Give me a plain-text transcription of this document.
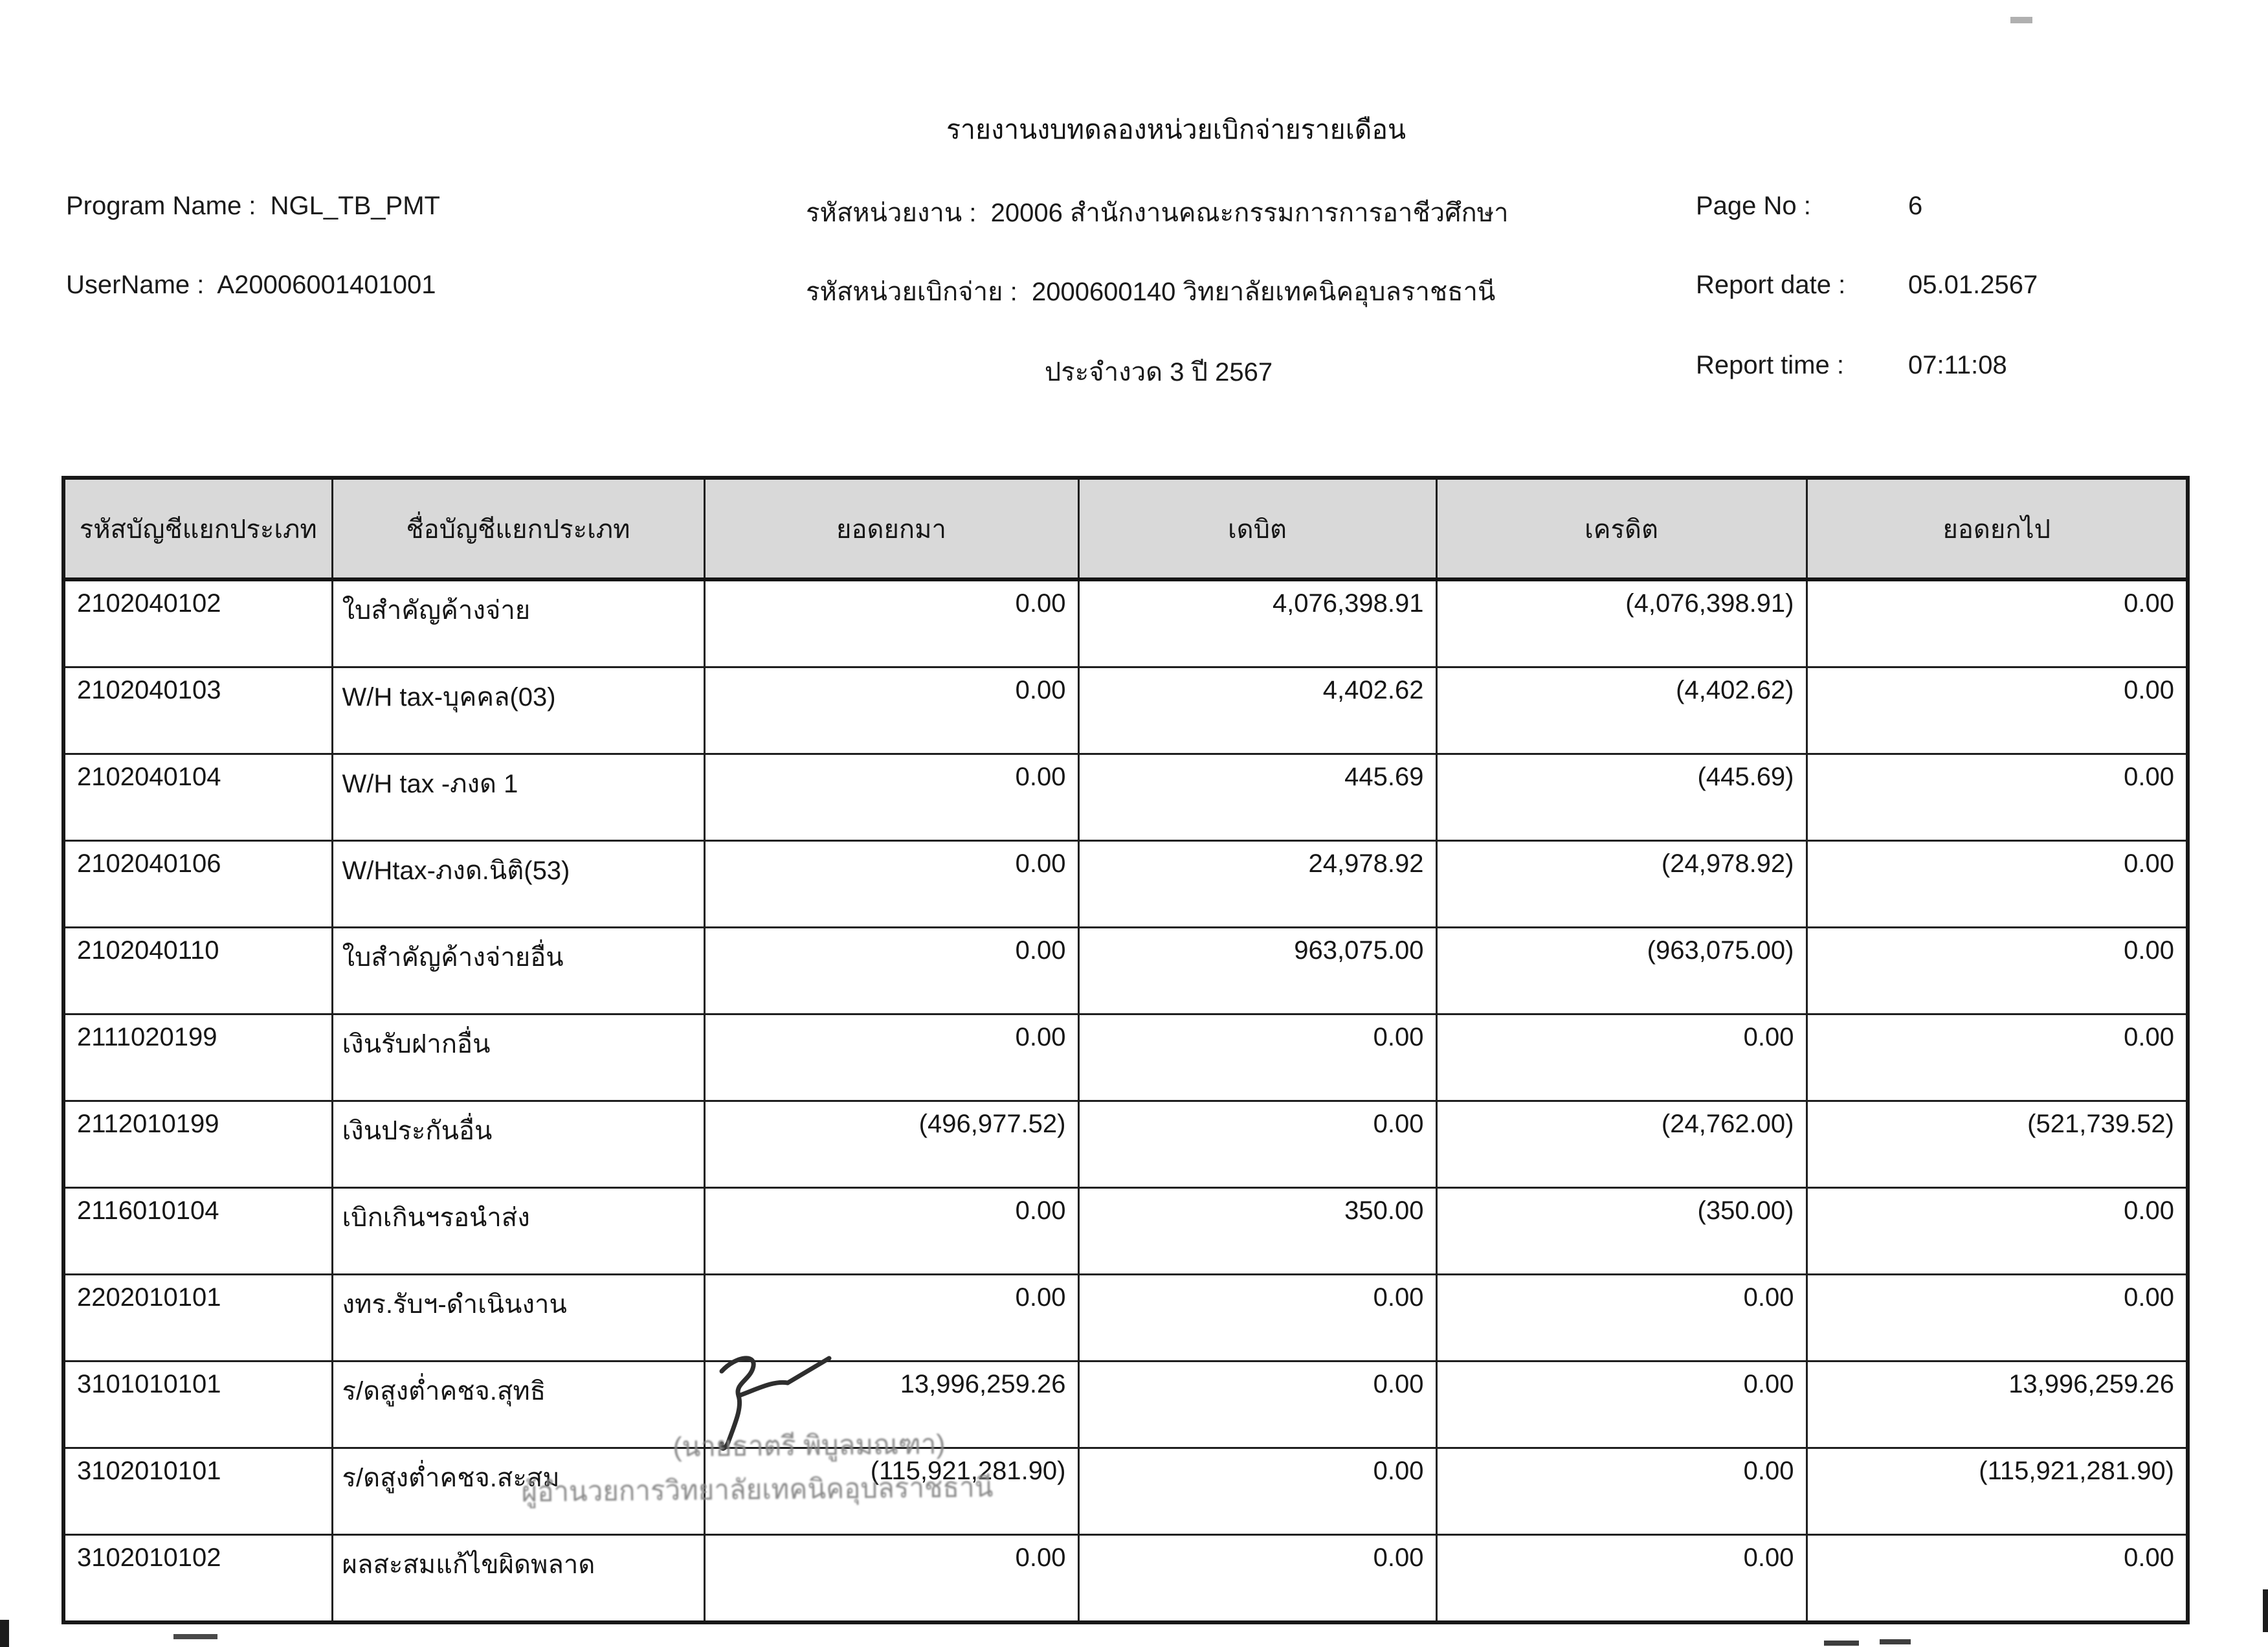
รายงานงบทดลองหน่วยเบิกจ่ายรายเดือน
Program Name : NGL_TB_PMT
UserName : A20006001401001
รหัสหน่วยงาน : 20006 สำนักงานคณะกรรมการการอาชีวศึกษา
รหัสหน่วยเบิกจ่าย : 2000600140 วิทยาลัยเทคนิคอุบลราชธานี
ประจำงวด 3 ปี 2567
Page No :	6
Report date : 05.01.2567
Report time : 07:11:08
รหัสบัญชีแยกประเภท	ชื่อบัญชีแยกประเภท	ยอดยกมา	เดบิต	เครดิต	ยอดยกไป
2102040102	ใบสำคัญค้างจ่าย	0.00	4,076,398.91	(4,076,398.91)	0.00
2102040103	W/H tax-บุคคล(03)	0.00	4,402.62	(4,402.62)	0.00
2102040104	W/H tax -ภงด 1	0.00	445.69	(445.69)	0.00
2102040106	W/Htax-ภงด.นิติ(53)	0.00	24,978.92	(24,978.92)	0.00
2102040110	ใบสำคัญค้างจ่ายอื่น	0.00	963,075.00	(963,075.00)	0.00
2111020199	เงินรับฝากอื่น	0.00	0.00	0.00	0.00
2112010199	เงินประกันอื่น	(496,977.52)	0.00	(24,762.00)	(521,739.52)
2116010104	เบิกเกินฯรอนำส่ง	0.00	350.00	(350.00)	0.00
2202010101	งทร.รับฯ-ดำเนินงาน	0.00	0.00	0.00	0.00
3101010101	ร/ดสูงต่ำคชจ.สุทธิ	13,996,259.26	0.00	0.00	13,996,259.26
3102010101	ร/ดสูงต่ำคชจ.สะสม	(115,921,281.90)	0.00	0.00	(115,921,281.90)
3102010102	ผลสะสมแก้ไขผิดพลาด	0.00	0.00	0.00	0.00
(นายธาตรี พิบูลมณฑา)
ผู้อำนวยการวิทยาลัยเทคนิคอุบลราชธานี
